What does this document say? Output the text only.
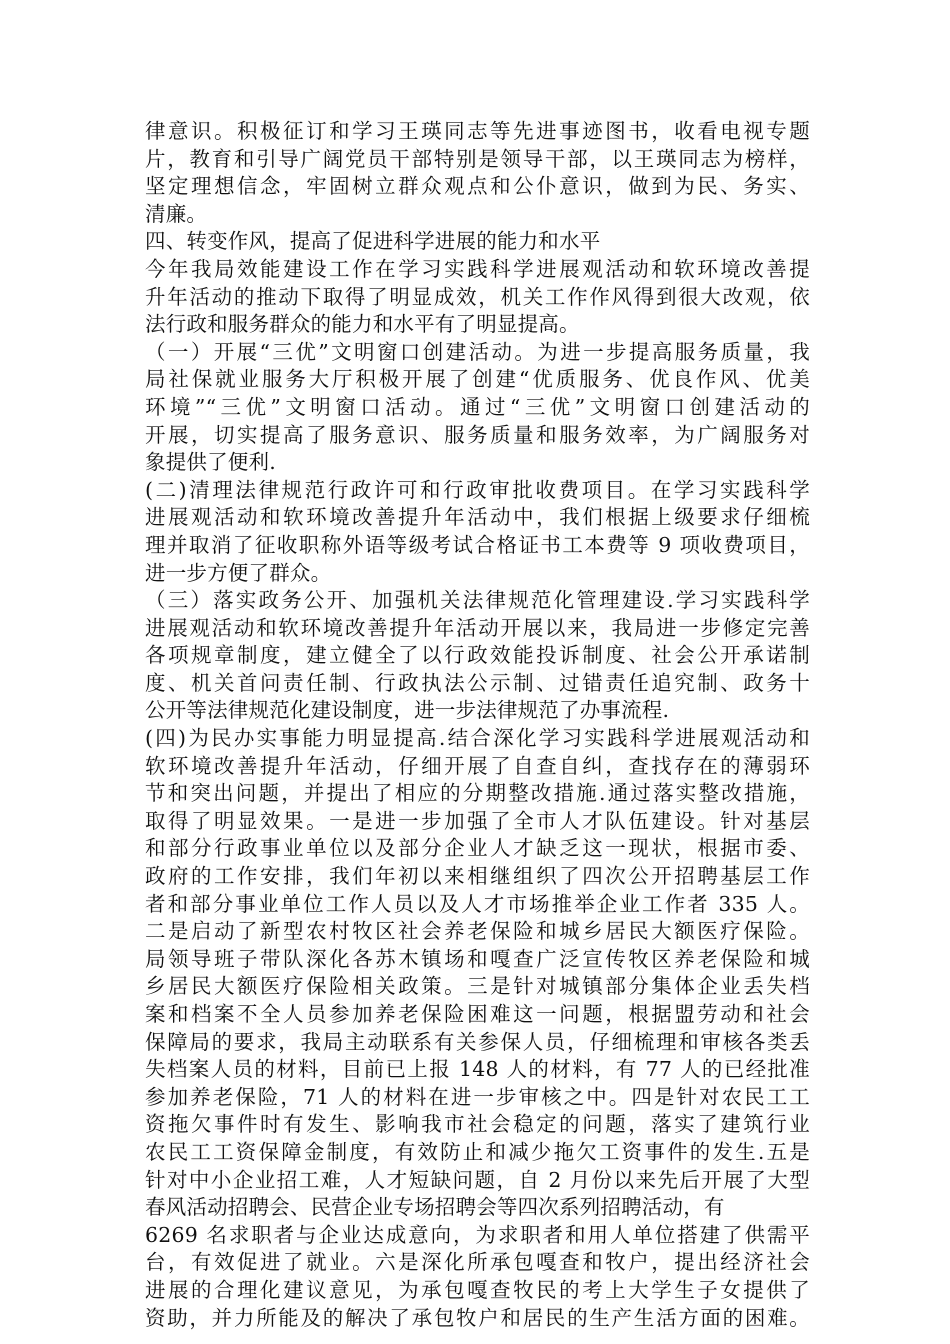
律意识。积极征订和学习王瑛同志等先进事迹图书，收看电视专题
片，教育和引导广阔党员干部特别是领导干部，以王瑛同志为榜样，
坚定理想信念，牢固树立群众观点和公仆意识，做到为民、务实、
清廉。
四、转变作风，提高了促进科学进展的能力和水平
今年我局效能建设工作在学习实践科学进展观活动和软环境改善提
升年活动的推动下取得了明显成效，机关工作作风得到很大改观，依
法行政和服务群众的能力和水平有了明显提高。
（一）开展“三优”文明窗口创建活动。为进一步提高服务质量，我
局社保就业服务大厅积极开展了创建“优质服务、优良作风、优美
环境”“三优”文明窗口活动。通过“三优”文明窗口创建活动的
开展，切实提高了服务意识、服务质量和服务效率，为广阔服务对
象提供了便利.
(二)清理法律规范行政许可和行政审批收费项目。在学习实践科学
进展观活动和软环境改善提升年活动中，我们根据上级要求仔细梳
理并取消了征收职称外语等级考试合格证书工本费等 9 项收费项目，
进一步方便了群众。
（三）落实政务公开、加强机关法律规范化管理建设.学习实践科学
进展观活动和软环境改善提升年活动开展以来，我局进一步修定完善
各项规章制度，建立健全了以行政效能投诉制度、社会公开承诺制
度、机关首问责任制、行政执法公示制、过错责任追究制、政务十
公开等法律规范化建设制度，进一步法律规范了办事流程.
(四)为民办实事能力明显提高.结合深化学习实践科学进展观活动和
软环境改善提升年活动，仔细开展了自查自纠，查找存在的薄弱环
节和突出问题，并提出了相应的分期整改措施.通过落实整改措施，
取得了明显效果。一是进一步加强了全市人才队伍建设。针对基层
和部分行政事业单位以及部分企业人才缺乏这一现状，根据市委、
政府的工作安排，我们年初以来相继组织了四次公开招聘基层工作
者和部分事业单位工作人员以及人才市场推举企业工作者 335 人。
二是启动了新型农村牧区社会养老保险和城乡居民大额医疗保险。
局领导班子带队深化各苏木镇场和嘎查广泛宣传牧区养老保险和城
乡居民大额医疗保险相关政策。三是针对城镇部分集体企业丢失档
案和档案不全人员参加养老保险困难这一问题，根据盟劳动和社会
保障局的要求，我局主动联系有关参保人员，仔细梳理和审核各类丢
失档案人员的材料，目前已上报 148 人的材料，有 77 人的已经批准
参加养老保险，71 人的材料在进一步审核之中。四是针对农民工工
资拖欠事件时有发生、影响我市社会稳定的问题，落实了建筑行业
农民工工资保障金制度，有效防止和减少拖欠工资事件的发生.五是
针对中小企业招工难，人才短缺问题，自 2 月份以来先后开展了大型
春风活动招聘会、民营企业专场招聘会等四次系列招聘活动，有
6269 名求职者与企业达成意向，为求职者和用人单位搭建了供需平
台，有效促进了就业。六是深化所承包嘎查和牧户，提出经济社会
进展的合理化建议意见，为承包嘎查牧民的考上大学生子女提供了
资助，并力所能及的解决了承包牧户和居民的生产生活方面的困难。
